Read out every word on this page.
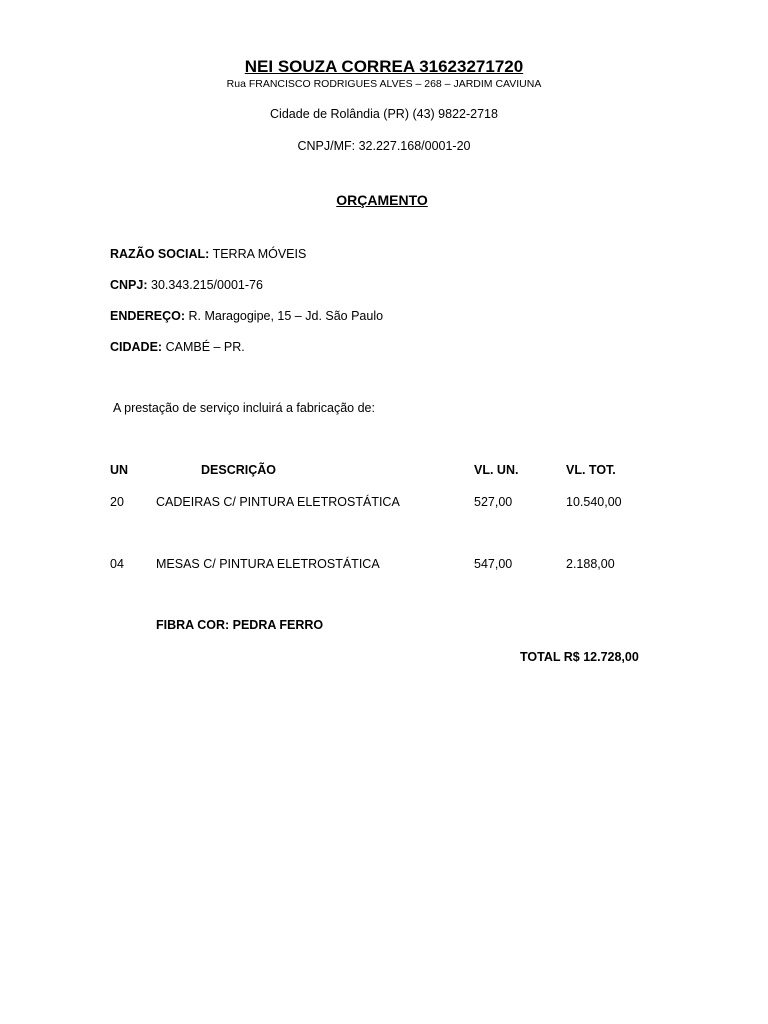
NEI SOUZA CORREA 31623271720
Rua FRANCISCO RODRIGUES ALVES – 268 – JARDIM CAVIUNA
Cidade de Rolândia (PR) (43) 9822-2718
CNPJ/MF: 32.227.168/0001-20
ORÇAMENTO
RAZÃO SOCIAL: TERRA MÓVEIS
CNPJ: 30.343.215/0001-76
ENDEREÇO: R. Maragogipe, 15 – Jd. São Paulo
CIDADE: CAMBÉ – PR.
A prestação de serviço incluirá a fabricação de:
UN	DESCRIÇÃO	VL. UN.	VL. TOT.
20	CADEIRAS C/ PINTURA ELETROSTÁTICA	527,00	10.540,00
04	MESAS C/ PINTURA ELETROSTÁTICA	547,00	2.188,00
FIBRA COR: PEDRA FERRO
TOTAL R$ 12.728,00
